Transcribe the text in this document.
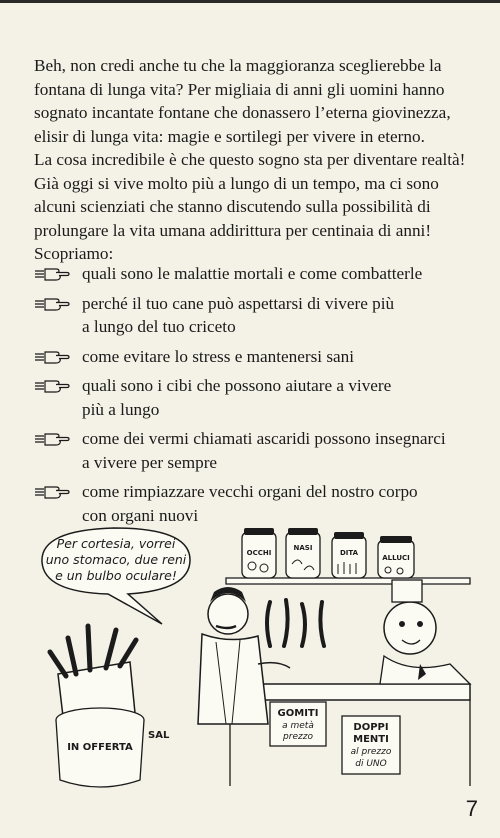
Beh, non credi anche tu che la maggioranza sceglierebbe la
fontana di lunga vita? Per migliaia di anni gli uomini hanno
sognato incantate fontane che donassero l’eterna giovinezza,
elisir di lunga vita: magie e sortilegi per vivere in eterno.
La cosa incredibile è che questo sogno sta per diventare realtà!
Già oggi si vive molto più a lungo di un tempo, ma ci sono
alcuni scienziati che stanno discutendo sulla possibilità di
prolungare la vita umana addirittura per centinaia di anni!
Scopriamo:

quali sono le malattie mortali e come combatterle
perché il tuo cane può aspettarsi di vivere più
a lungo del tuo criceto
come evitare lo stress e mantenersi sani
quali sono i cibi che possono aiutare a vivere
più a lungo
come dei vermi chiamati ascaridi possono insegnarci
a vivere per sempre
come rimpiazzare vecchi organi del nostro corpo
con organi nuovi
Per cortesia, vorrei
uno stomaco, due reni
e un bulbo oculare!
OCCHI
NASI
DITA
ALLUCI
SAL
IN OFFERTA
GOMITI
a metà
prezzo
DOPPI
MENTI
al prezzo
di UNO
7
